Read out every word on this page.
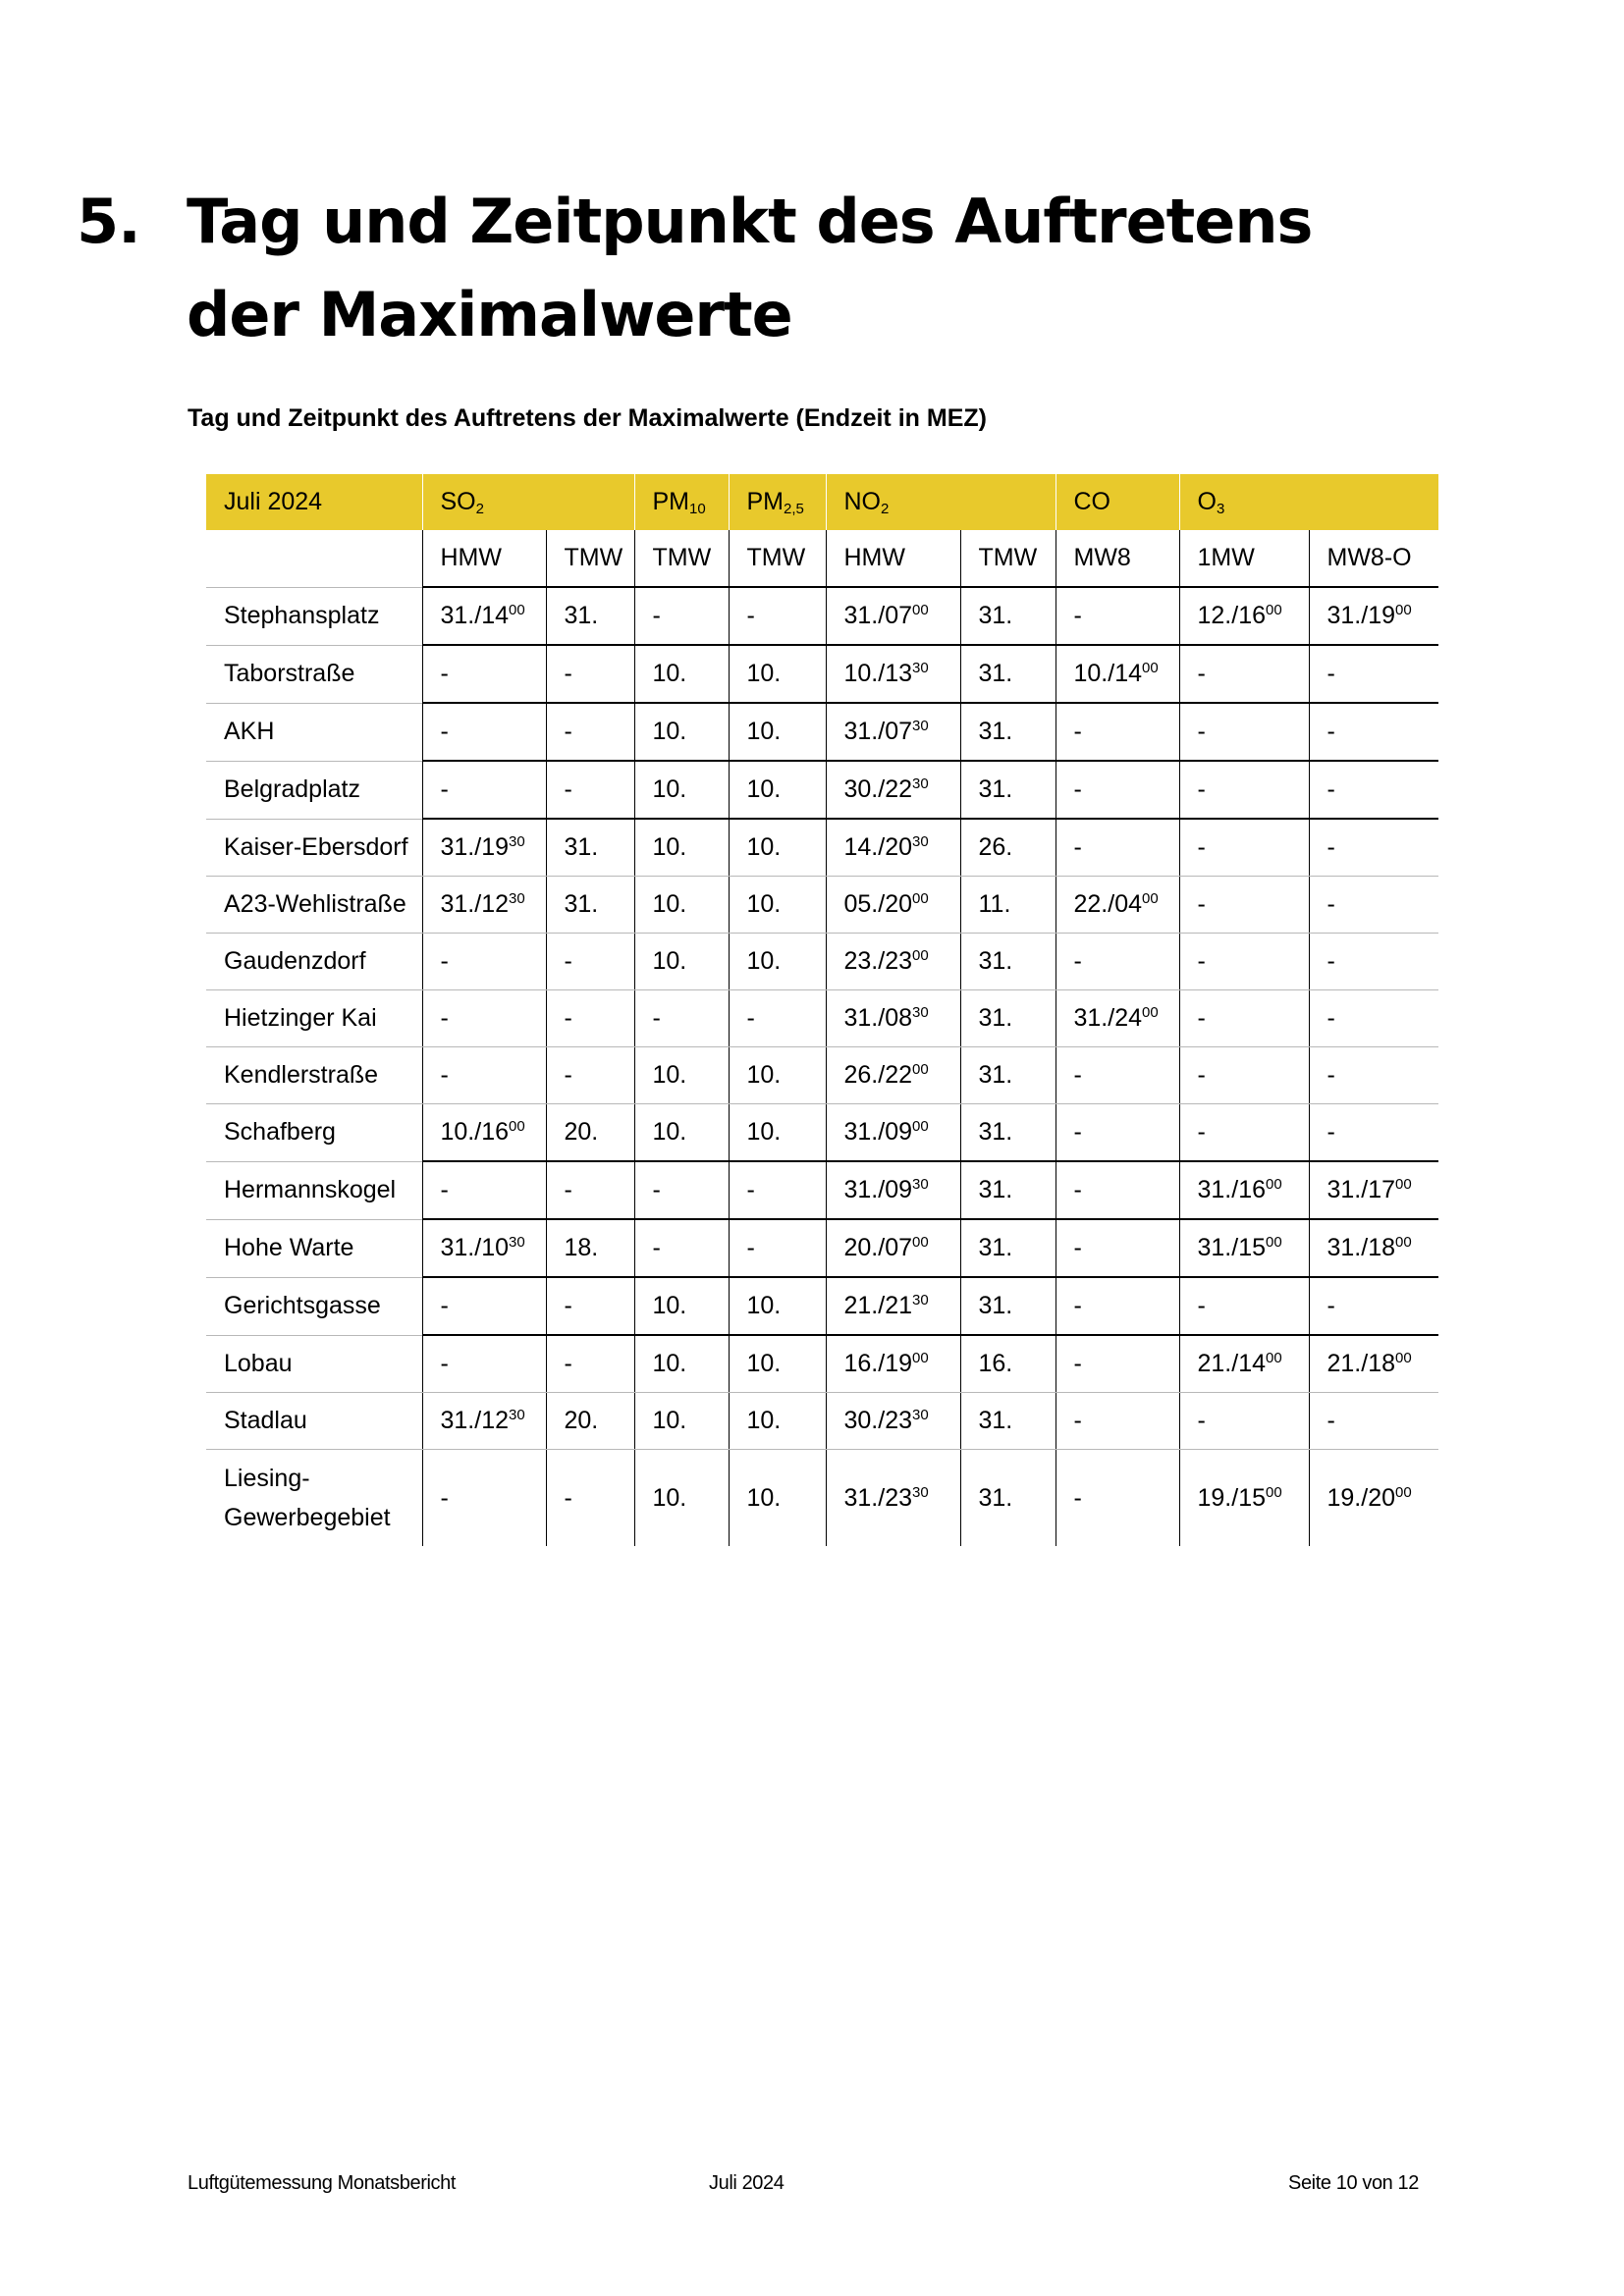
5. Tag und Zeitpunkt des Auftretens der Maximalwerte
Tag und Zeitpunkt des Auftretens der Maximalwerte (Endzeit in MEZ)
Juli 2024	$SO_2$		$PM_{10}$	$PM_{2,5}$	$NO_2$		CO	$O_3$
	HMW	TMW	TMW	TMW	HMW	TMW	MW8	1MW	MW8-O
Stephansplatz	$31./14^{00}$	31.	-	-	$31./07^{00}$	31.	-	$12./16^{00}$	$31./19^{00}$
Taborstraße	-	-	10.	10.	$10./13^{30}$	31.	$10./14^{00}$	-	-
AKH	-	-	10.	10.	$31./07^{30}$	31.	-	-	-
Belgradplatz	-	-	10.	10.	$30./22^{30}$	31.	-	-	-
Kaiser-Ebersdorf	$31./19^{30}$	31.	10.	10.	$14./20^{30}$	26.	-	-	-
A23-Wehlistraße	$31./12^{30}$	31.	10.	10.	$05./20^{00}$	11.	$22./04^{00}$	-	-
Gaudenzdorf	-	-	10.	10.	$23./23^{00}$	31.	-	-	-
Hietzinger Kai	-	-	-	-	$31./08^{30}$	31.	$31./24^{00}$	-	-
Kendlerstraße	-	-	10.	10.	$26./22^{00}$	31.	-	-	-
Schafberg	$10./16^{00}$	20.	10.	10.	$31./09^{00}$	31.	-	-	-
Hermannskogel	-	-	-	-	$31./09^{30}$	31.	-	$31./16^{00}$	$31./17^{00}$
Hohe Warte	$31./10^{30}$	18.	-	-	$20./07^{00}$	31.	-	$31./15^{00}$	$31./18^{00}$
Gerichtsgasse	-	-	10.	10.	$21./21^{30}$	31.	-	-	-
Lobau	-	-	10.	10.	$16./19^{00}$	16.	-	$21./14^{00}$	$21./18^{00}$
Stadlau	$31./12^{30}$	20.	10.	10.	$30./23^{30}$	31.	-	-	-
Liesing-Gewerbegebiet	-	-	10.	10.	$31./23^{30}$	31.	-	$19./15^{00}$	$19./20^{00}$
Luftgütemessung Monatsbericht	Juli 2024	Seite 10 von 12
